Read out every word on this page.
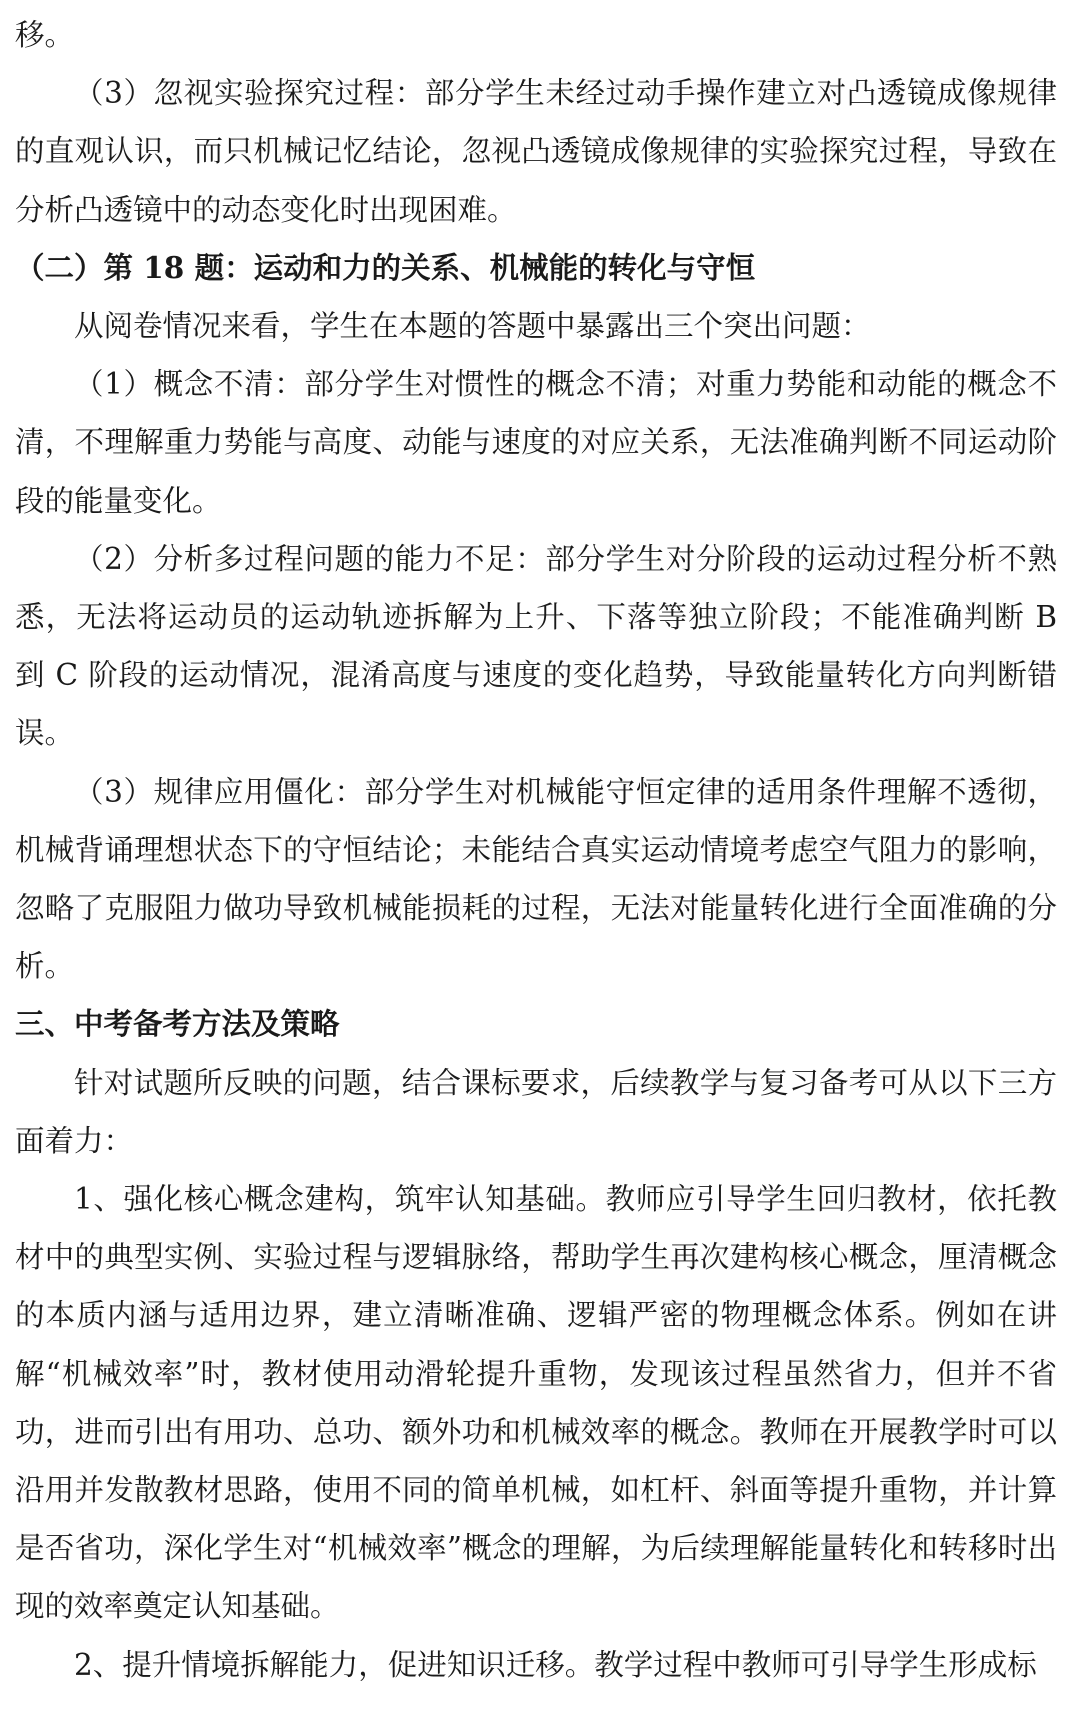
移。

（3）忽视实验探究过程：部分学生未经过动手操作建立对凸透镜成像规律的直观认识，而只机械记忆结论，忽视凸透镜成像规律的实验探究过程，导致在分析凸透镜中的动态变化时出现困难。

（二）第 18 题：运动和力的关系、机械能的转化与守恒

从阅卷情况来看，学生在本题的答题中暴露出三个突出问题：

（1）概念不清：部分学生对惯性的概念不清；对重力势能和动能的概念不清，不理解重力势能与高度、动能与速度的对应关系，无法准确判断不同运动阶段的能量变化。

（2）分析多过程问题的能力不足：部分学生对分阶段的运动过程分析不熟悉，无法将运动员的运动轨迹拆解为上升、下落等独立阶段；不能准确判断 B 到 C 阶段的运动情况，混淆高度与速度的变化趋势，导致能量转化方向判断错误。

（3）规律应用僵化：部分学生对机械能守恒定律的适用条件理解不透彻，机械背诵理想状态下的守恒结论；未能结合真实运动情境考虑空气阻力的影响，忽略了克服阻力做功导致机械能损耗的过程，无法对能量转化进行全面准确的分析。

三、中考备考方法及策略

针对试题所反映的问题，结合课标要求，后续教学与复习备考可从以下三方面着力：

1、强化核心概念建构，筑牢认知基础。教师应引导学生回归教材，依托教材中的典型实例、实验过程与逻辑脉络，帮助学生再次建构核心概念，厘清概念的本质内涵与适用边界，建立清晰准确、逻辑严密的物理概念体系。例如在讲解“机械效率”时，教材使用动滑轮提升重物，发现该过程虽然省力，但并不省功，进而引出有用功、总功、额外功和机械效率的概念。教师在开展教学时可以沿用并发散教材思路，使用不同的简单机械，如杠杆、斜面等提升重物，并计算是否省功，深化学生对“机械效率”概念的理解，为后续理解能量转化和转移时出现的效率奠定认知基础。

2、提升情境拆解能力，促进知识迁移。教学过程中教师可引导学生形成标
